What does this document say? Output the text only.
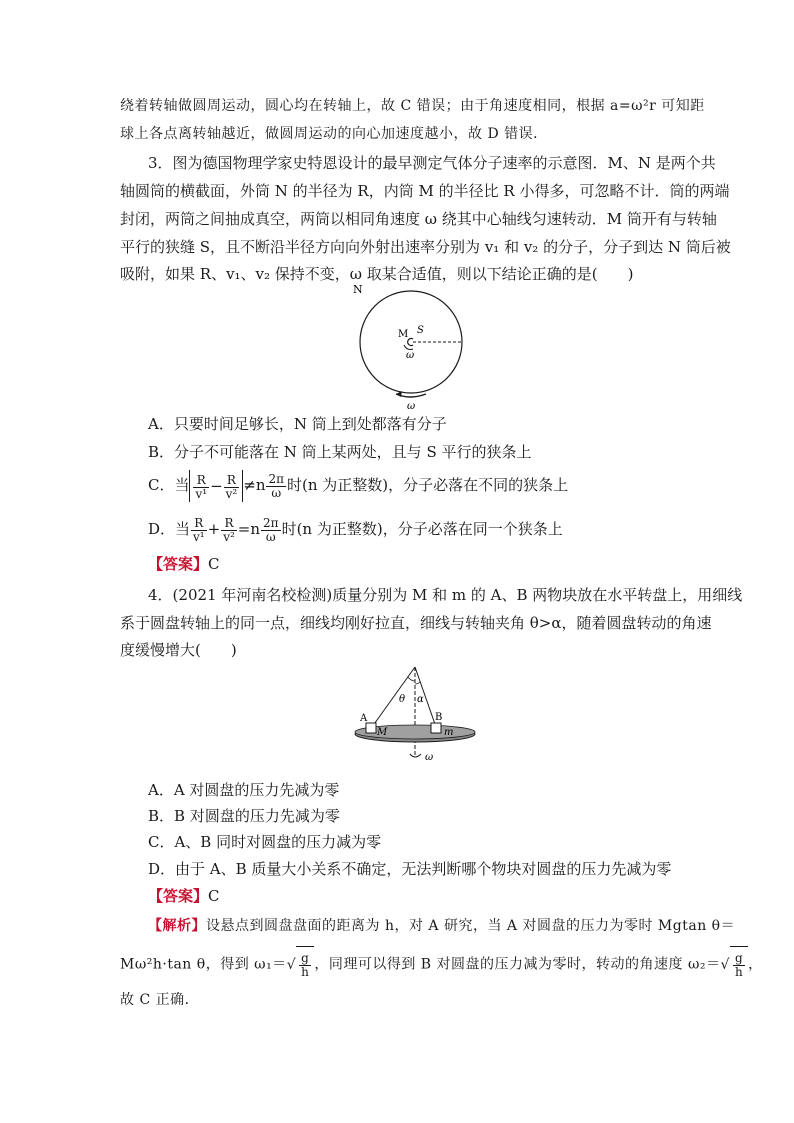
绕着转轴做圆周运动，圆心均在转轴上，故 C 错误；由于角速度相同，根据 a=ω²r 可知距
球上各点离转轴越近，做圆周运动的向心加速度越小，故 D 错误．
3．图为德国物理学家史特恩设计的最早测定气体分子速率的示意图．M、N 是两个共
轴圆筒的横截面，外筒 N 的半径为 R，内筒 M 的半径比 R 小得多，可忽略不计．筒的两端
封闭，两筒之间抽成真空，两筒以相同角速度 ω 绕其中心轴线匀速转动．M 筒开有与转轴
平行的狭缝 S，且不断沿半径方向向外射出速率分别为 v₁ 和 v₂ 的分子，分子到达 N 筒后被
吸附，如果 R、v₁、v₂ 保持不变，ω 取某合适值，则以下结论正确的是(　　)
N
M S
ω
ω
A．只要时间足够长，N 筒上到处都落有分子
B．分子不可能落在 N 筒上某两处，且与 S 平行的狭条上
C．当 $\frac{R}{\text{v¹}} - \frac{R}{\text{v²}} \ne n \frac{2\pi}{\omega}$ 时(n 为正整数)，分子必落在不同的狭条上
D．当 $\frac{R}{\text{v¹}} + \frac{R}{\text{v²}} =n \frac{2\pi}{\omega}$ 时(n 为正整数)，分子必落在同一个狭条上
【答案】C
4．(2021 年河南名校检测)质量分别为 M 和 m 的 A、B 两物块放在水平转盘上，用细线
系于圆盘转轴上的同一点，细线均刚好拉直，细线与转轴夹角 θ>α，随着圆盘转动的角速
度缓慢增大(　　)
θ α
A	B
M	m
ω
A．A 对圆盘的压力先减为零
B．B 对圆盘的压力先减为零
C．A、B 同时对圆盘的压力减为零
D．由于 A、B 质量大小关系不确定，无法判断哪个物块对圆盘的压力先减为零
【答案】C
【解析】设悬点到圆盘盘面的距离为 h，对 A 研究，当 A 对圆盘的压力为零时 Mgtan θ＝
Mω²h·tan θ，得到 $\omega_1=√ \frac{g}{h}$ ，同理可以得到 B 对圆盘的压力减为零时，转动的角速度 $\omega_2=√ \frac{g}{h}$ ，
故 C 正确．
